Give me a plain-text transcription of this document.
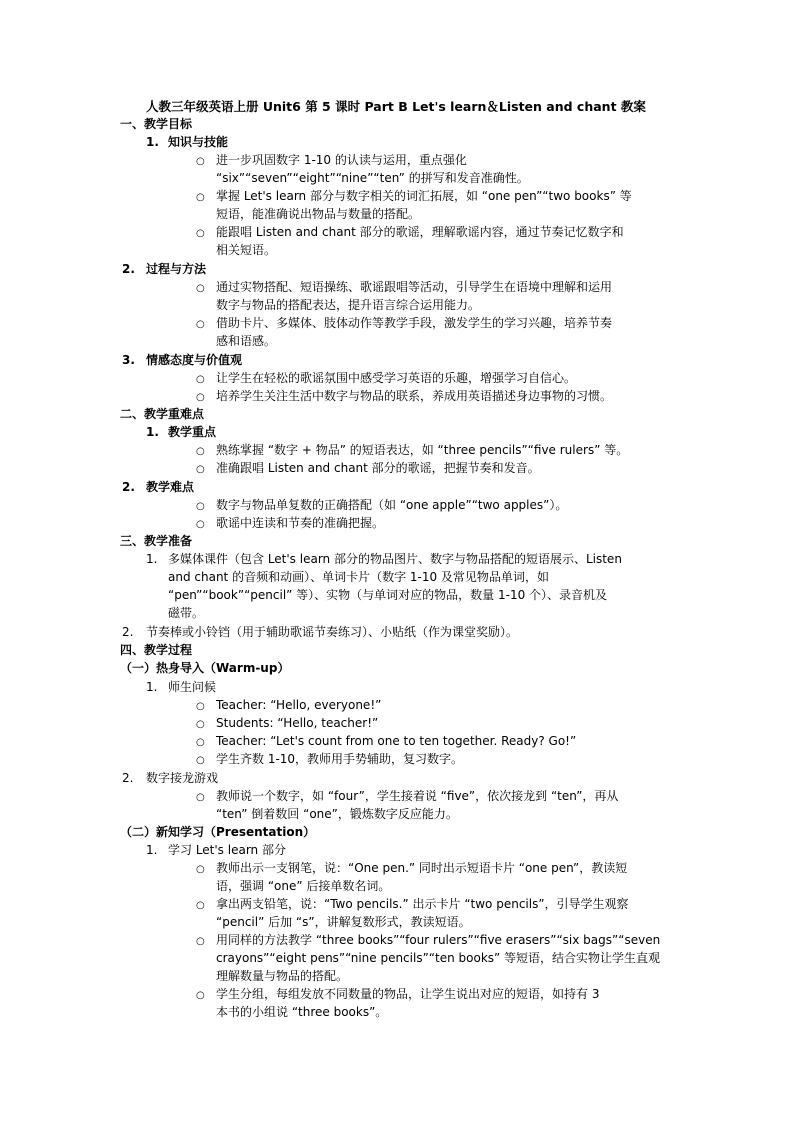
人教三年级英语上册 Unit6 第 5 课时 Part B Let's learn＆Listen and chant 教案
一、教学目标
1. 知识与技能
○ 进一步巩固数字 1-10 的认读与运用，重点强化
“six”“seven”“eight”“nine”“ten” 的拼写和发音准确性。
○ 掌握 Let's learn 部分与数字相关的词汇拓展，如 “one pen”“two books” 等
短语，能准确说出物品与数量的搭配。
○ 能跟唱 Listen and chant 部分的歌谣，理解歌谣内容，通过节奏记忆数字和
相关短语。
2. 过程与方法
○ 通过实物搭配、短语操练、歌谣跟唱等活动，引导学生在语境中理解和运用
数字与物品的搭配表达，提升语言综合运用能力。
○ 借助卡片、多媒体、肢体动作等教学手段，激发学生的学习兴趣，培养节奏
感和语感。
3. 情感态度与价值观
○ 让学生在轻松的歌谣氛围中感受学习英语的乐趣，增强学习自信心。
○ 培养学生关注生活中数字与物品的联系，养成用英语描述身边事物的习惯。
二、教学重难点
1. 教学重点
○ 熟练掌握 “数字 + 物品” 的短语表达，如 “three pencils”“five rulers” 等。
○ 准确跟唱 Listen and chant 部分的歌谣，把握节奏和发音。
2. 教学难点
○ 数字与物品单复数的正确搭配（如 “one apple”“two apples”）。
○ 歌谣中连读和节奏的准确把握。
三、教学准备
1. 多媒体课件（包含 Let's learn 部分的物品图片、数字与物品搭配的短语展示、Listen
and chant 的音频和动画）、单词卡片（数字 1-10 及常见物品单词，如
“pen”“book”“pencil” 等）、实物（与单词对应的物品，数量 1-10 个）、录音机及
磁带。
2. 节奏棒或小铃铛（用于辅助歌谣节奏练习）、小贴纸（作为课堂奖励）。
四、教学过程
（一）热身导入（Warm-up）
1. 师生问候
○ Teacher: “Hello, everyone!”
○ Students: “Hello, teacher!”
○ Teacher: “Let's count from one to ten together. Ready? Go!”
○ 学生齐数 1-10，教师用手势辅助，复习数字。
2. 数字接龙游戏
○ 教师说一个数字，如 “four”，学生接着说 “five”，依次接龙到 “ten”，再从
“ten” 倒着数回 “one”，锻炼数字反应能力。
（二）新知学习（Presentation）
1. 学习 Let's learn 部分
○ 教师出示一支钢笔，说：“One pen.” 同时出示短语卡片 “one pen”，教读短
语，强调 “one” 后接单数名词。
○ 拿出两支铅笔，说：“Two pencils.” 出示卡片 “two pencils”，引导学生观察
“pencil” 后加 “s”，讲解复数形式，教读短语。
○ 用同样的方法教学 “three books”“four rulers”“five erasers”“six bags”“seven
crayons”“eight pens”“nine pencils”“ten books” 等短语，结合实物让学生直观
理解数量与物品的搭配。
○ 学生分组，每组发放不同数量的物品，让学生说出对应的短语，如持有 3
本书的小组说 “three books”。
